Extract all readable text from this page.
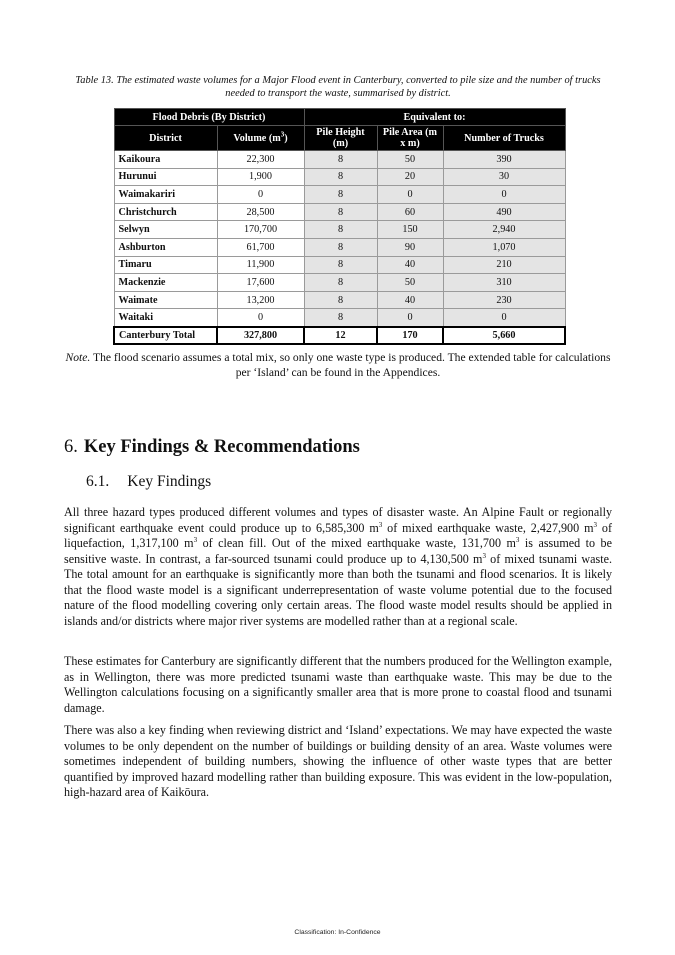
Table 13. The estimated waste volumes for a Major Flood event in Canterbury, converted to pile size and the number of trucks needed to transport the waste, summarised by district.
Flood Debris (By District)		Equivalent to:		
District	Volume $(m^3)$	Pile Height (m)	Pile Area (m x m)	Number of Trucks
Kaikoura	22,300	8	50	390
Hurunui	1,900	8	20	30
Waimakariri	0	8	0	0
Christchurch	28,500	8	60	490
Selwyn	170,700	8	150	2,940
Ashburton	61,700	8	90	1,070
Timaru	11,900	8	40	210
Mackenzie	17,600	8	50	310
Waimate	13,200	8	40	230
Waitaki	0	8	0	0
Canterbury Total	327,800	12	170	5,660
Note. The flood scenario assumes a total mix, so only one waste type is produced. The extended table for calculations per ‘Island’ can be found in the Appendices.
6. Key Findings & Recommendations
6.1. Key Findings

All three hazard types produced different volumes and types of disaster waste. An Alpine Fault or regionally significant earthquake event could produce up to 6,585,300 $m^3$ of mixed earthquake waste, 2,427,900 $m^3$ of liquefaction, 1,317,100 $m^3$ of clean fill. Out of the mixed earthquake waste, 131,700 $m^3$ is assumed to be sensitive waste. In contrast, a far-sourced tsunami could produce up to 4,130,500 $m^3$ of mixed tsunami waste. The total amount for an earthquake is significantly more than both the tsunami and flood scenarios. It is likely that the flood waste model is a significant underrepresentation of waste volume potential due to the focused nature of the flood modelling covering only certain areas. The flood waste model results should be applied in islands and/or districts where major river systems are modelled rather than at a regional scale.

These estimates for Canterbury are significantly different that the numbers produced for the Wellington example, as in Wellington, there was more predicted tsunami waste than earthquake waste. This may be due to the Wellington calculations focusing on a significantly smaller area that is more prone to coastal flood and tsunami damage.

There was also a key finding when reviewing district and ‘Island’ expectations. We may have expected the waste volumes to be only dependent on the number of buildings or building density of an area. Waste volumes were sometimes independent of building numbers, showing the influence of other waste types that are better quantified by improved hazard modelling rather than building exposure. This was evident in the low-population, high-hazard area of Kaikōura.

Classification: In-Confidence
